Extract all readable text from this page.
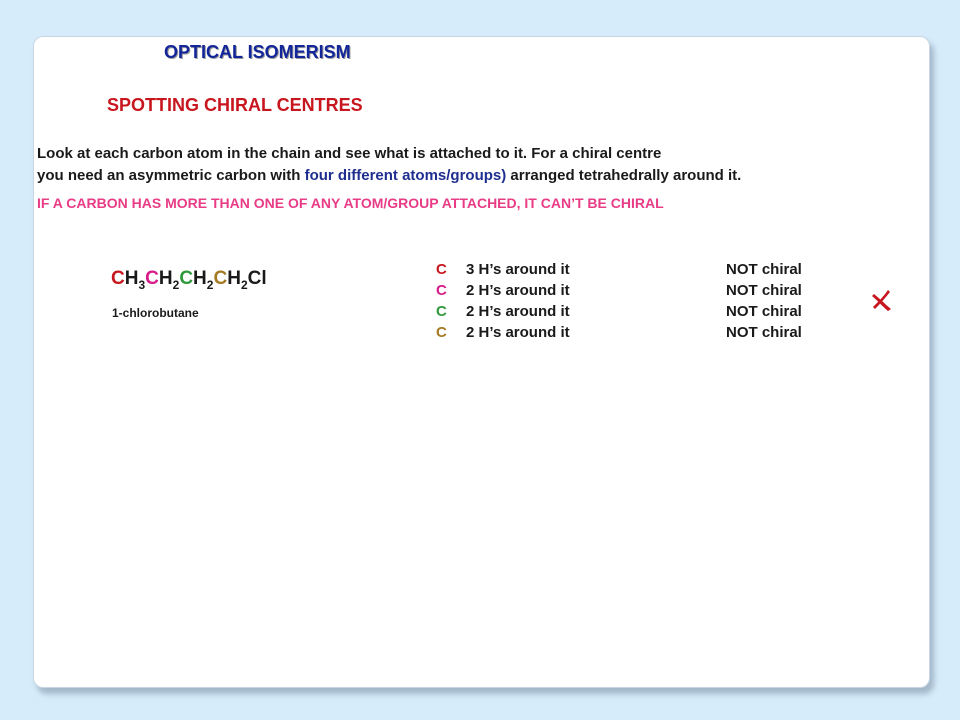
OPTICAL ISOMERISM
SPOTTING CHIRAL CENTRES
Look at each carbon atom in the chain and see what is attached to it. For a chiral centre
you need an asymmetric carbon with four different atoms/groups) arranged tetrahedrally around it.
IF A CARBON HAS MORE THAN ONE OF ANY ATOM/GROUP ATTACHED, IT CAN’T BE CHIRAL
$CH_3CH_2CH_2CH_2Cl$
1-chlorobutane
C 3 H’s around it	NOT chiral
C 2 H’s around it	NOT chiral
C 2 H’s around it	NOT chiral
C 2 H’s around it	NOT chiral
